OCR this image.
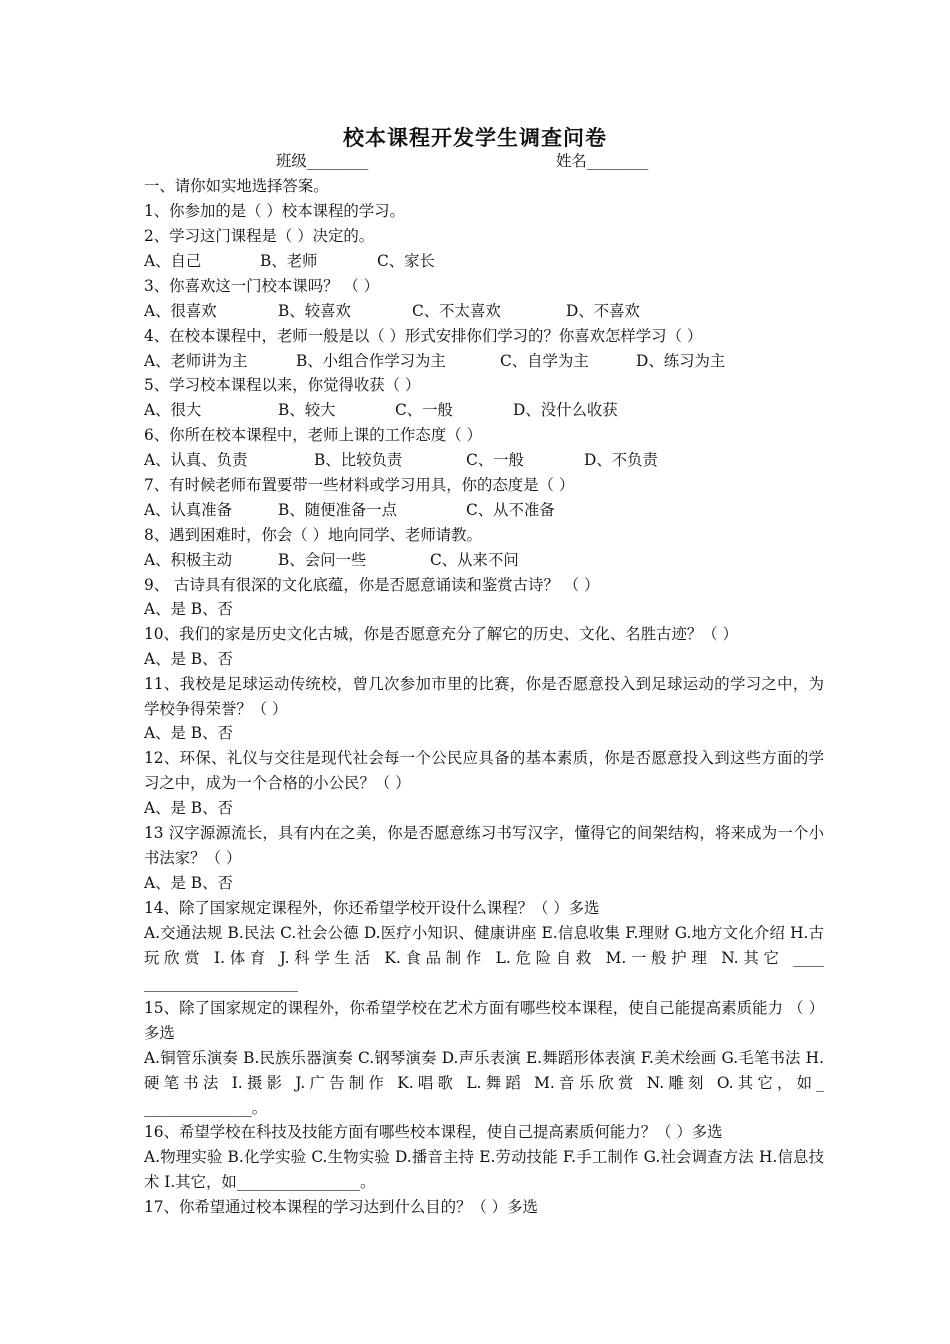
校本课程开发学生调查问卷
班级________	姓名________
一、请你如实地选择答案。
1、你参加的是（ ）校本课程的学习。
2、学习这门课程是（ ）决定的。
A、自己	B、老师	C、家长
3、你喜欢这一门校本课吗？ （ ）
A、很喜欢	B、较喜欢	C、不太喜欢	D、不喜欢
4、在校本课程中，老师一般是以（ ）形式安排你们学习的？你喜欢怎样学习（ ）
A、老师讲为主	B、小组合作学习为主	C、自学为主	D、练习为主
5、学习校本课程以来，你觉得收获（ ）
A、很大	B、较大	C、一般	D、没什么收获
6、你所在校本课程中，老师上课的工作态度（ ）
A、认真、负责	B、比较负责	C、一般	D、不负责
7、有时候老师布置要带一些材料或学习用具，你的态度是（ ）
A、认真准备	B、随便准备一点	C、从不准备
8、遇到困难时，你会（ ）地向同学、老师请教。
A、积极主动	B、会问一些	C、从来不问
9、 古诗具有很深的文化底蕴，你是否愿意诵读和鉴赏古诗？ （ ）
A、是 B、否
10、我们的家是历史文化古城，你是否愿意充分了解它的历史、文化、名胜古迹？（ ）
A、是 B、否
11、我校是足球运动传统校，曾几次参加市里的比赛，你是否愿意投入到足球运动的学习之中，为学校争得荣誉？（ ）
A、是 B、否
12、环保、礼仪与交往是现代社会每一个公民应具备的基本素质，你是否愿意投入到这些方面的学习之中，成为一个合格的小公民？（ ）
A、是 B、否
13 汉字源源流长，具有内在之美，你是否愿意练习书写汉字，懂得它的间架结构，将来成为一个小书法家？（ ）
A、是 B、否
14、除了国家规定课程外，你还希望学校开设什么课程？（ ）多选
A.交通法规 B.民法 C.社会公德 D.医疗小知识、健康讲座 E.信息收集 F.理财 G.地方文化介绍 H.古玩欣赏 I.体育 J.科学生活 K.食品制作 L.危险自救 M.一般护理 N.其它 ____
____________________
15、除了国家规定的课程外，你希望学校在艺术方面有哪些校本课程，使自己能提高素质能力 （ ）多选
A.铜管乐演奏 B.民族乐器演奏 C.钢琴演奏 D.声乐表演 E.舞蹈形体表演 F.美术绘画 G.毛笔书法 H.硬笔书法 I.摄影 J.广告制作 K.唱歌 L.舞蹈 M.音乐欣赏 N.雕刻 O.其它，如_
______________。
16、希望学校在科技及技能方面有哪些校本课程，使自己提高素质何能力？（ ）多选
A.物理实验 B.化学实验 C.生物实验 D.播音主持 E.劳动技能 F.手工制作 G.社会调查方法 H.信息技术 I.其它，如________________。
17、你希望通过校本课程的学习达到什么目的？（ ）多选
